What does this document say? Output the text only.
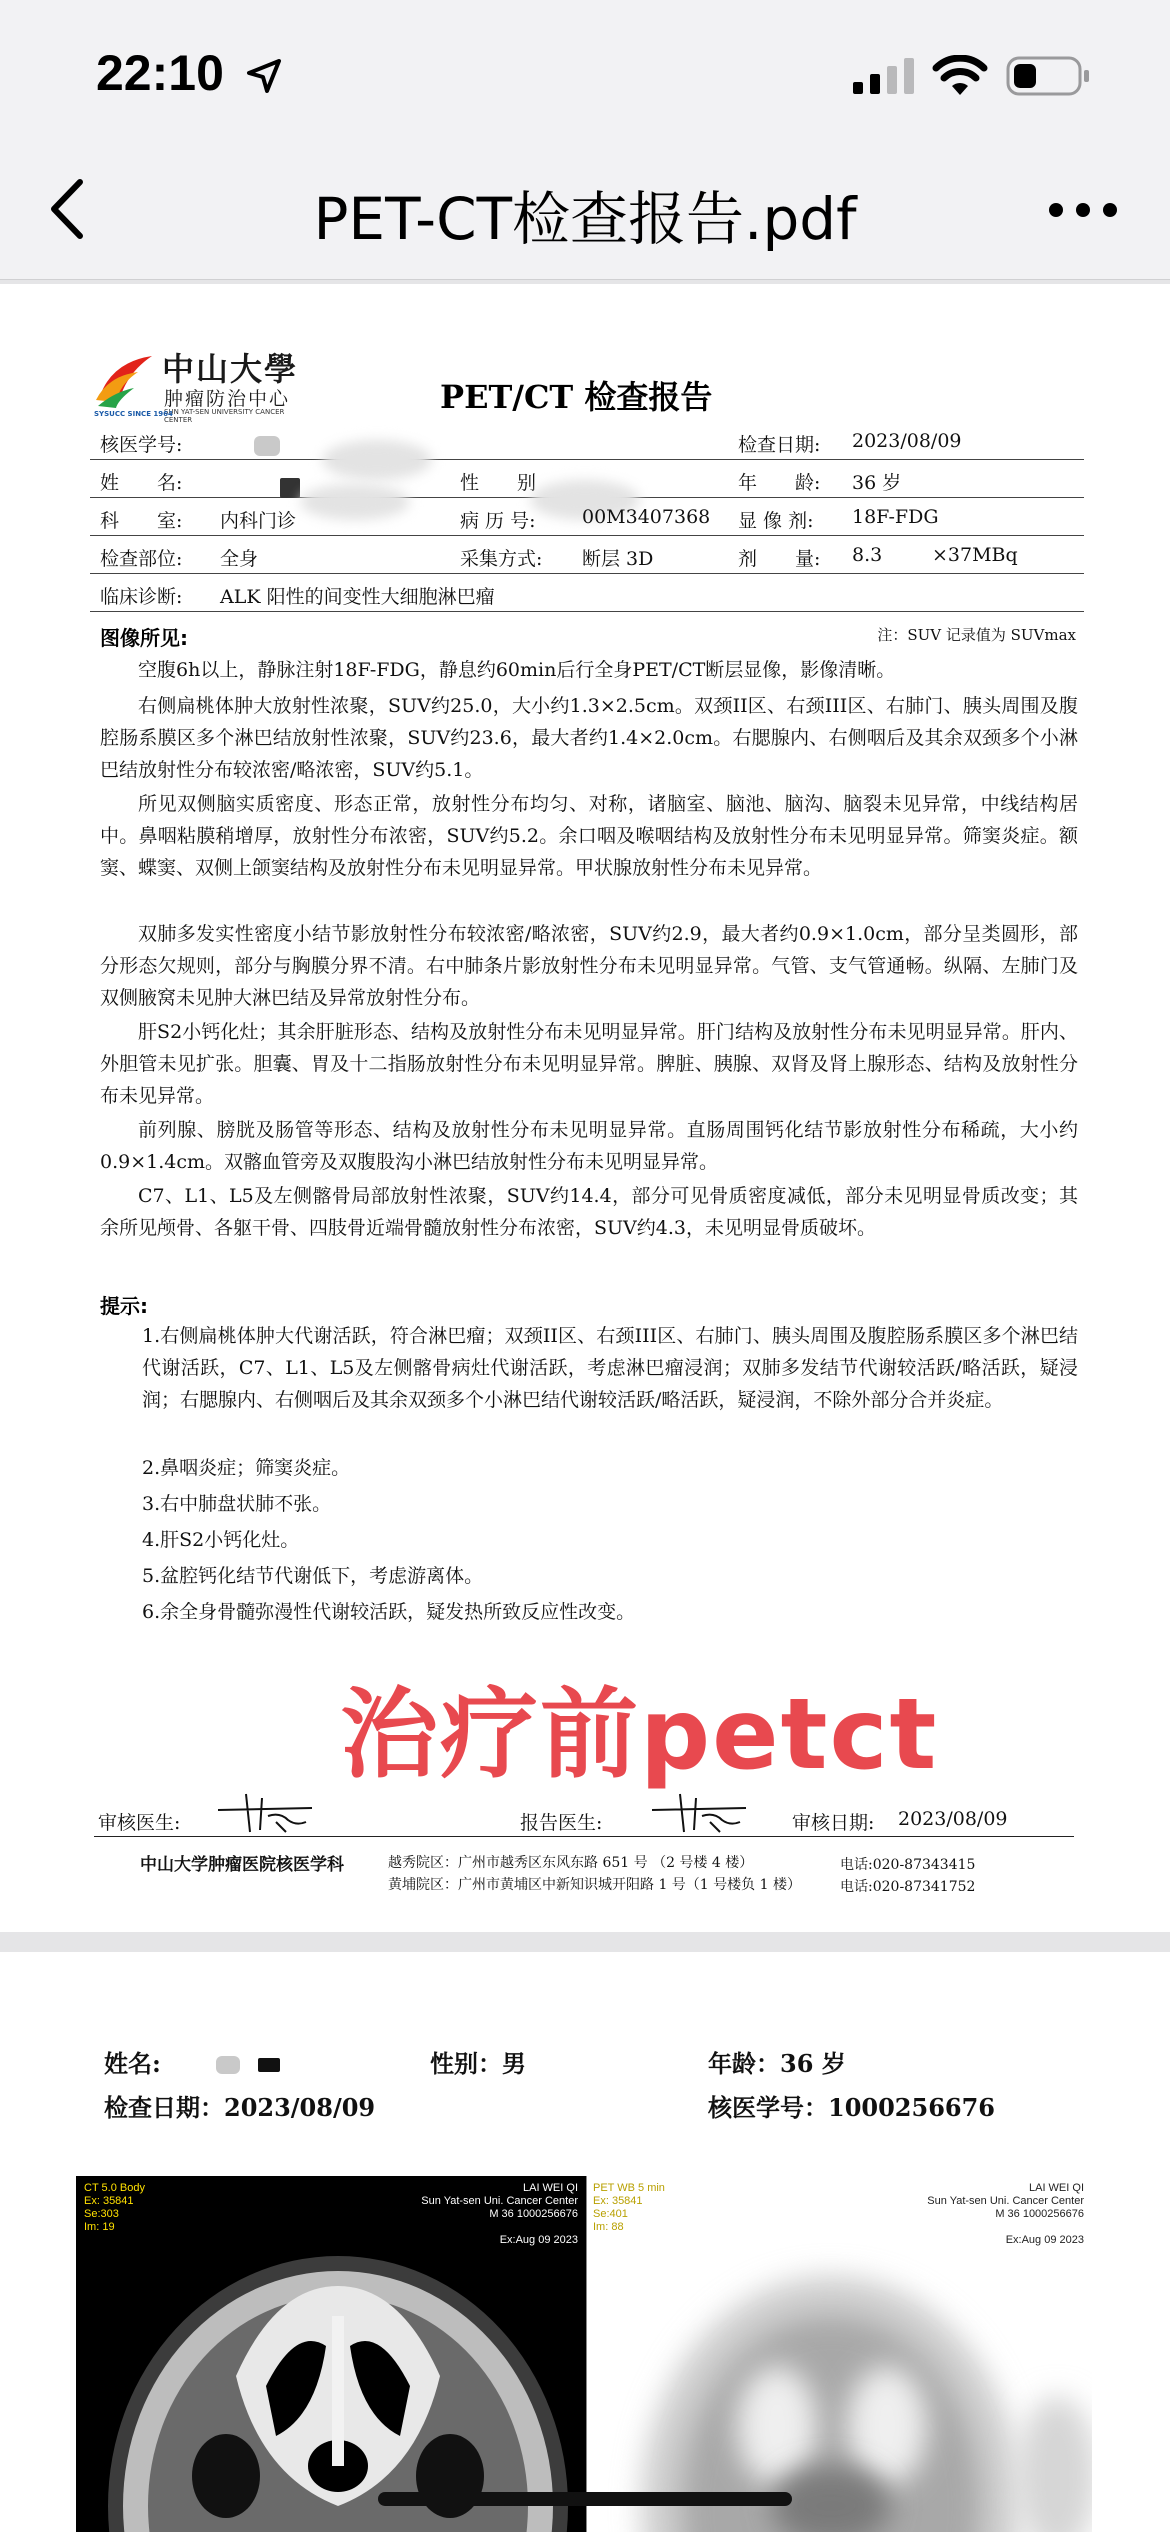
22:10
PET-CT检查报告.pdf
中山大學
肿瘤防治中心
SUN YAT-SEN UNIVERSITY CANCER CENTER
SYSUCC SINCE 1964	PET/CT 检查报告
核医学号:	检查日期: 2023/08/09
姓　　名:	性　　别	年　　龄: 36 岁
科　　室: 内科门诊	病 历 号: 00M3407368 显 像 剂: 18F-FDG
检查部位: 全身	采集方式: 断层 3D	剂　　量: 8.3	×37MBq
临床诊断: ALK 阳性的间变性大细胞淋巴瘤
图像所见:	注：SUV 记录值为 SUVmax
空腹6h以上，静脉注射18F-FDG，静息约60min后行全身PET/CT断层显像，影像清晰。
右侧扁桃体肿大放射性浓聚，SUV约25.0，大小约1.3×2.5cm。双颈II区、右颈III区、右肺门、胰头周围及腹腔肠系膜区多个淋巴结放射性浓聚，SUV约23.6，最大者约1.4×2.0cm。右腮腺内、右侧咽后及其余双颈多个小淋巴结放射性分布较浓密/略浓密，SUV约5.1。
所见双侧脑实质密度、形态正常，放射性分布均匀、对称，诸脑室、脑池、脑沟、脑裂未见异常，中线结构居中。鼻咽粘膜稍增厚，放射性分布浓密，SUV约5.2。余口咽及喉咽结构及放射性分布未见明显异常。筛窦炎症。额窦、蝶窦、双侧上颌窦结构及放射性分布未见明显异常。甲状腺放射性分布未见异常。
双肺多发实性密度小结节影放射性分布较浓密/略浓密，SUV约2.9，最大者约0.9×1.0cm，部分呈类圆形，部分形态欠规则，部分与胸膜分界不清。右中肺条片影放射性分布未见明显异常。气管、支气管通畅。纵隔、左肺门及双侧腋窝未见肿大淋巴结及异常放射性分布。
肝S2小钙化灶；其余肝脏形态、结构及放射性分布未见明显异常。肝门结构及放射性分布未见明显异常。肝内、外胆管未见扩张。胆囊、胃及十二指肠放射性分布未见明显异常。脾脏、胰腺、双肾及肾上腺形态、结构及放射性分布未见异常。
前列腺、膀胱及肠管等形态、结构及放射性分布未见明显异常。直肠周围钙化结节影放射性分布稀疏，大小约0.9×1.4cm。双髂血管旁及双腹股沟小淋巴结放射性分布未见明显异常。
C7、L1、L5及左侧髂骨局部放射性浓聚，SUV约14.4，部分可见骨质密度减低，部分未见明显骨质改变；其余所见颅骨、各躯干骨、四肢骨近端骨髓放射性分布浓密，SUV约4.3，未见明显骨质破坏。
提示:
1.右侧扁桃体肿大代谢活跃，符合淋巴瘤；双颈II区、右颈III区、右肺门、胰头周围及腹腔肠系膜区多个淋巴结代谢活跃，C7、L1、L5及左侧髂骨病灶代谢活跃，考虑淋巴瘤浸润；双肺多发结节代谢较活跃/略活跃，疑浸润；右腮腺内、右侧咽后及其余双颈多个小淋巴结代谢较活跃/略活跃，疑浸润，不除外部分合并炎症。
2.鼻咽炎症；筛窦炎症。
3.右中肺盘状肺不张。
4.肝S2小钙化灶。
5.盆腔钙化结节代谢低下，考虑游离体。
6.余全身骨髓弥漫性代谢较活跃，疑发热所致反应性改变。
治疗前petct
审核医生:	报告医生:	审核日期: 2023/08/09
中山大学肿瘤医院核医学科	越秀院区：广州市越秀区东风东路 651 号 （2 号楼 4 楼）
黄埔院区：广州市黄埔区中新知识城开阳路 1 号（1 号楼负 1 楼）
电话:020-87343415
电话:020-87341752
姓名:	性别：男	年龄：36 岁
检查日期：2023/08/09	核医学号：1000256676
CT 5.0 Body
Ex: 35841
Se:303
Im: 19
LAI WEI QI
Sun Yat-sen Uni. Cancer Center
M 36 1000256676
Ex:Aug 09 2023
PET WB 5 min
Ex: 35841
Se:401
Im: 88
LAI WEI QI
Sun Yat-sen Uni. Cancer Center
M 36 1000256676
Ex:Aug 09 2023
